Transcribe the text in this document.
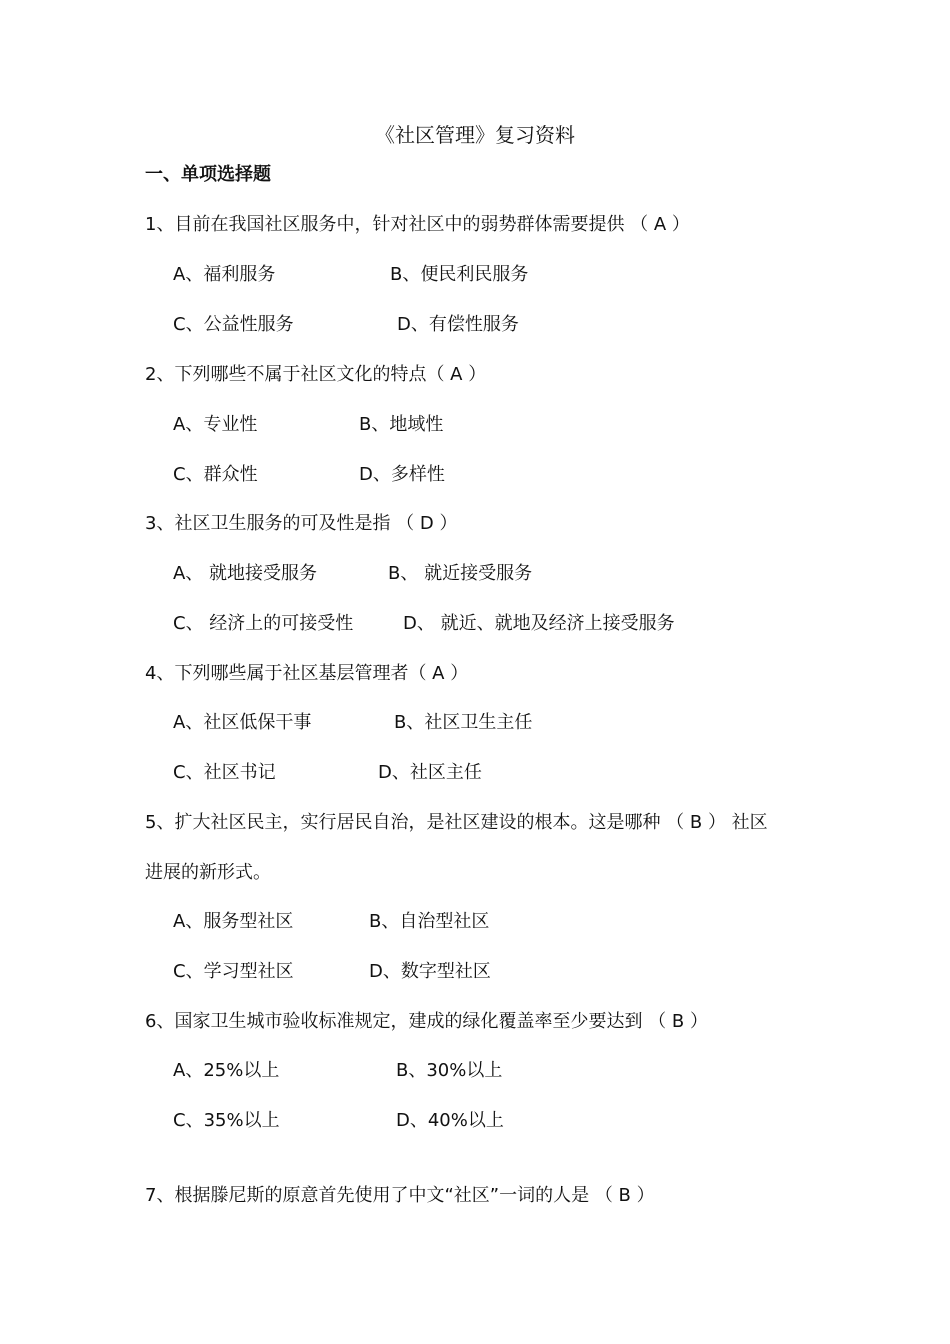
《社区管理》复习资料
一、单项选择题
1、目前在我国社区服务中，针对社区中的弱势群体需要提供 （ A ）
A、福利服务	B、便民利民服务
C、公益性服务	D、有偿性服务
2、下列哪些不属于社区文化的特点（ A ）
A、专业性	B、地域性
C、群众性	D、多样性
3、社区卫生服务的可及性是指 （ D ）
A、 就地接受服务	B、 就近接受服务
C、 经济上的可接受性	D、 就近、就地及经济上接受服务
4、下列哪些属于社区基层管理者（ A ）
A、社区低保干事	B、社区卫生主任
C、社区书记	D、社区主任
5、扩大社区民主，实行居民自治，是社区建设的根本。这是哪种 （ B ） 社区
进展的新形式。
A、服务型社区	B、自治型社区
C、学习型社区	D、数字型社区
6、国家卫生城市验收标准规定，建成的绿化覆盖率至少要达到 （ B ）
A、25%以上	B、30%以上
C、35%以上	D、40%以上
7、根据滕尼斯的原意首先使用了中文“社区”一词的人是 （ B ）
